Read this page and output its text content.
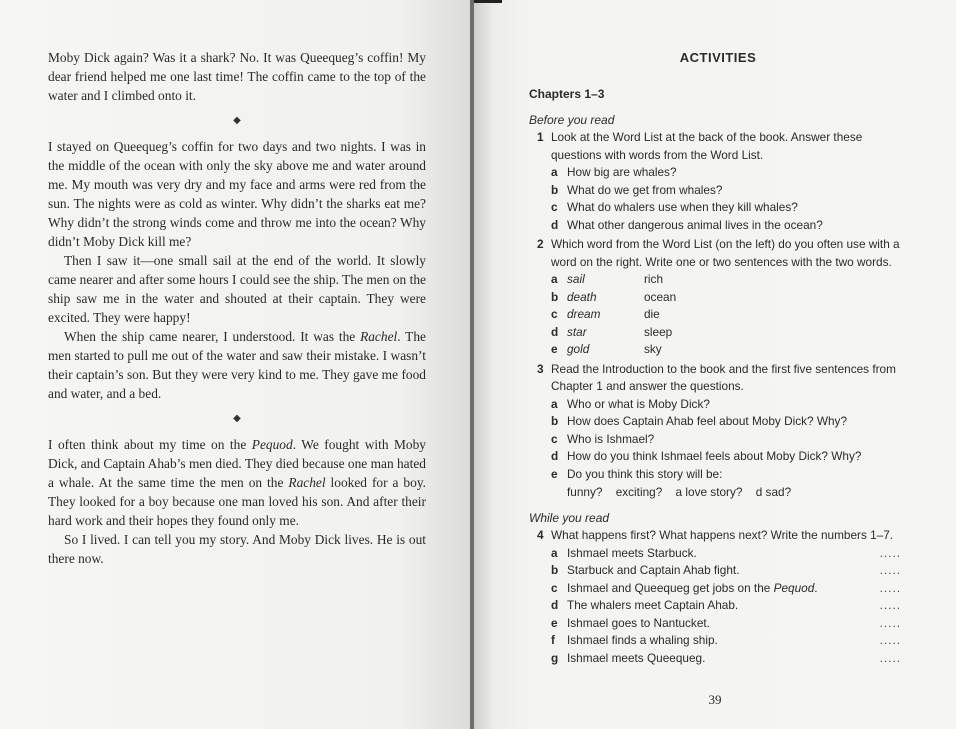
Moby Dick again? Was it a shark? No. It was Queequeg’s coffin! My dear friend helped me one last time! The coffin came to the top of the water and I climbed onto it.

◆

I stayed on Queequeg’s coffin for two days and two nights. I was in the middle of the ocean with only the sky above me and water around me. My mouth was very dry and my face and arms were red from the sun. The nights were as cold as winter. Why didn’t the sharks eat me? Why didn’t the strong winds come and throw me into the ocean? Why didn’t Moby Dick kill me?

Then I saw it—one small sail at the end of the world. It slowly came nearer and after some hours I could see the ship. The men on the ship saw me in the water and shouted at their captain. They were excited. They were happy!

When the ship came nearer, I understood. It was the Rachel. The men started to pull me out of the water and saw their mistake. I wasn’t their captain’s son. But they were very kind to me. They gave me food and water, and a bed.

◆

I often think about my time on the Pequod. We fought with Moby Dick, and Captain Ahab’s men died. They died because one man hated a whale. At the same time the men on the Rachel looked for a boy. They looked for a boy because one man loved his son. And after their hard work and their hopes they found only me.

So I lived. I can tell you my story. And Moby Dick lives. He is out there now.

39
ACTIVITIES
Chapters 1–3
Before you read
1 Look at the Word List at the back of the book. Answer these questions with words from the Word List.
a How big are whales?
b What do we get from whales?
c What do whalers use when they kill whales?
d What other dangerous animal lives in the ocean?
2 Which word from the Word List (on the left) do you often use with a word on the right. Write one or two sentences with the two words.
a sail	rich
b death	ocean
c dream	die
d star	sleep
e gold	sky
3 Read the Introduction to the book and the first five sentences from Chapter 1 and answer the questions.
a Who or what is Moby Dick?
b How does Captain Ahab feel about Moby Dick? Why?
c Who is Ishmael?
d How do you think Ishmael feels about Moby Dick? Why?
e Do you think this story will be:
funny? exciting? a love story? d sad?
While you read
4 What happens first? What happens next? Write the numbers 1–7.
a Ishmael meets Starbuck.	.....
b Starbuck and Captain Ahab fight.	.....
c Ishmael and Queequeg get jobs on the Pequod.	.....
d The whalers meet Captain Ahab.	.....
e Ishmael goes to Nantucket.	.....
f Ishmael finds a whaling ship.	.....
g Ishmael meets Queequeg.	.....
